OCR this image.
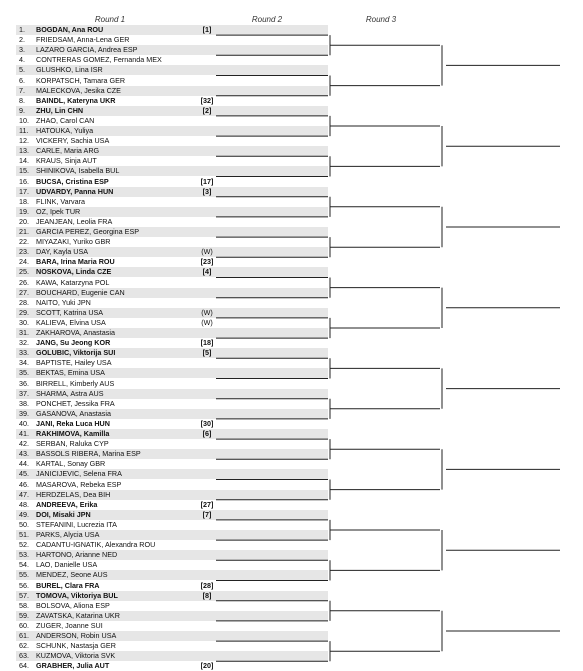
Round 1	Round 2	Round 3
1.	BOGDAN, Ana ROU	[1]
2.	FRIEDSAM, Anna-Lena GER
3.	LAZARO GARCIA, Andrea ESP
4.	CONTRERAS GOMEZ, Fernanda MEX
5.	GLUSHKO, Lina ISR
6.	KORPATSCH, Tamara GER
7.	MALECKOVA, Jesika CZE
8.	BAINDL, Kateryna UKR	[32]
9.	ZHU, Lin CHN	[2]
10. ZHAO, Carol CAN
11.	HATOUKA, Yuliya
12. VICKERY, Sachia USA
13. CARLE, Maria ARG
14. KRAUS, Sinja AUT
15. SHINIKOVA, Isabella BUL
16. BUCSA, Cristina ESP	[17]
17. UDVARDY, Panna HUN	[3]
18. FLINK, Varvara
19. OZ, Ipek TUR
20. JEANJEAN, Leolia FRA
21. GARCIA PEREZ, Georgina ESP
22. MIYAZAKI, Yuriko GBR
23. DAY, Kayla USA	(W)
24. BARA, Irina Maria ROU	[23]
25. NOSKOVA, Linda CZE	[4]
26. KAWA, Katarzyna POL
27. BOUCHARD, Eugenie CAN
28. NAITO, Yuki JPN
29. SCOTT, Katrina USA	(W)
30. KALIEVA, Elvina USA	(W)
31. ZAKHAROVA, Anastasia
32. JANG, Su Jeong KOR	[18]
33. GOLUBIC, Viktorija SUI	[5]
34. BAPTISTE, Hailey USA
35. BEKTAS, Emina USA
36. BIRRELL, Kimberly AUS
37. SHARMA, Astra AUS
38. PONCHET, Jessika FRA
39. GASANOVA, Anastasia
40. JANI, Reka Luca HUN	[30]
41. RAKHIMOVA, Kamilla	[6]
42. SERBAN, Raluka CYP
43. BASSOLS RIBERA, Marina ESP
44. KARTAL, Sonay GBR
45. JANICIJEVIC, Selena FRA
46. MASAROVA, Rebeka ESP
47. HERDZELAS, Dea BIH
48. ANDREEVA, Erika	[27]
49. DOI, Misaki JPN	[7]
50. STEFANINI, Lucrezia ITA
51. PARKS, Alycia USA
52. CADANTU-IGNATIK, Alexandra ROU
53. HARTONO, Arianne NED
54. LAO, Danielle USA
55. MENDEZ, Seone AUS
56. BUREL, Clara FRA	[28]
57. TOMOVA, Viktoriya BUL	[8]
58. BOLSOVA, Aliona ESP
59. ZAVATSKA, Katarina UKR
60. ZUGER, Joanne SUI
61. ANDERSON, Robin USA
62. SCHUNK, Nastasja GER
63. KUZMOVA, Viktoria SVK
64. GRABHER, Julia AUT	[20]
